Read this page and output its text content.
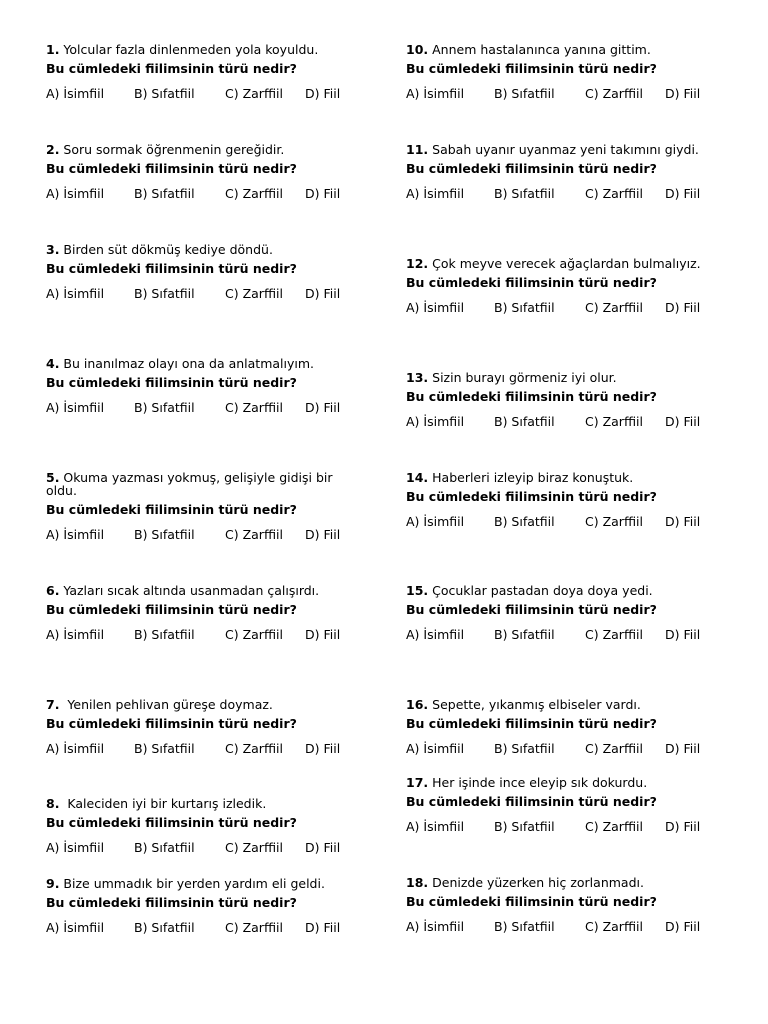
1. Yolcular fazla dinlenmeden yola koyuldu.
Bu cümledeki fiilimsinin türü nedir?
A) İsimfiil B) Sıfatfiil C) Zarffiil D) Fiil
2. Soru sormak öğrenmenin gereğidir.
Bu cümledeki fiilimsinin türü nedir?
A) İsimfiil B) Sıfatfiil C) Zarffiil D) Fiil
3. Birden süt dökmüş kediye döndü.
Bu cümledeki fiilimsinin türü nedir?
A) İsimfiil B) Sıfatfiil C) Zarffiil D) Fiil
4. Bu inanılmaz olayı ona da anlatmalıyım.
Bu cümledeki fiilimsinin türü nedir?
A) İsimfiil B) Sıfatfiil C) Zarffiil D) Fiil
5. Okuma yazması yokmuş, gelişiyle gidişi bir oldu.
Bu cümledeki fiilimsinin türü nedir?
A) İsimfiil B) Sıfatfiil C) Zarffiil D) Fiil
6. Yazları sıcak altında usanmadan çalışırdı.
Bu cümledeki fiilimsinin türü nedir?
A) İsimfiil B) Sıfatfiil C) Zarffiil D) Fiil
7.  Yenilen pehlivan güreşe doymaz.
Bu cümledeki fiilimsinin türü nedir?
A) İsimfiil B) Sıfatfiil C) Zarffiil D) Fiil
8.  Kaleciden iyi bir kurtarış izledik.
Bu cümledeki fiilimsinin türü nedir?
A) İsimfiil B) Sıfatfiil C) Zarffiil D) Fiil
9. Bize ummadık bir yerden yardım eli geldi.
Bu cümledeki fiilimsinin türü nedir?
A) İsimfiil B) Sıfatfiil C) Zarffiil D) Fiil
10. Annem hastalanınca yanına gittim.
Bu cümledeki fiilimsinin türü nedir?
A) İsimfiil B) Sıfatfiil C) Zarffiil D) Fiil
11. Sabah uyanır uyanmaz yeni takımını giydi.
Bu cümledeki fiilimsinin türü nedir?
A) İsimfiil B) Sıfatfiil C) Zarffiil D) Fiil
12. Çok meyve verecek ağaçlardan bulmalıyız.
Bu cümledeki fiilimsinin türü nedir?
A) İsimfiil B) Sıfatfiil C) Zarffiil D) Fiil
13. Sizin burayı görmeniz iyi olur.
Bu cümledeki fiilimsinin türü nedir?
A) İsimfiil B) Sıfatfiil C) Zarffiil D) Fiil
14. Haberleri izleyip biraz konuştuk.
Bu cümledeki fiilimsinin türü nedir?
A) İsimfiil B) Sıfatfiil C) Zarffiil D) Fiil
15. Çocuklar pastadan doya doya yedi.
Bu cümledeki fiilimsinin türü nedir?
A) İsimfiil B) Sıfatfiil C) Zarffiil D) Fiil
16. Sepette, yıkanmış elbiseler vardı.
Bu cümledeki fiilimsinin türü nedir?
A) İsimfiil B) Sıfatfiil C) Zarffiil D) Fiil
17. Her işinde ince eleyip sık dokurdu.
Bu cümledeki fiilimsinin türü nedir?
A) İsimfiil B) Sıfatfiil C) Zarffiil D) Fiil
18. Denizde yüzerken hiç zorlanmadı.
Bu cümledeki fiilimsinin türü nedir?
A) İsimfiil B) Sıfatfiil C) Zarffiil D) Fiil
